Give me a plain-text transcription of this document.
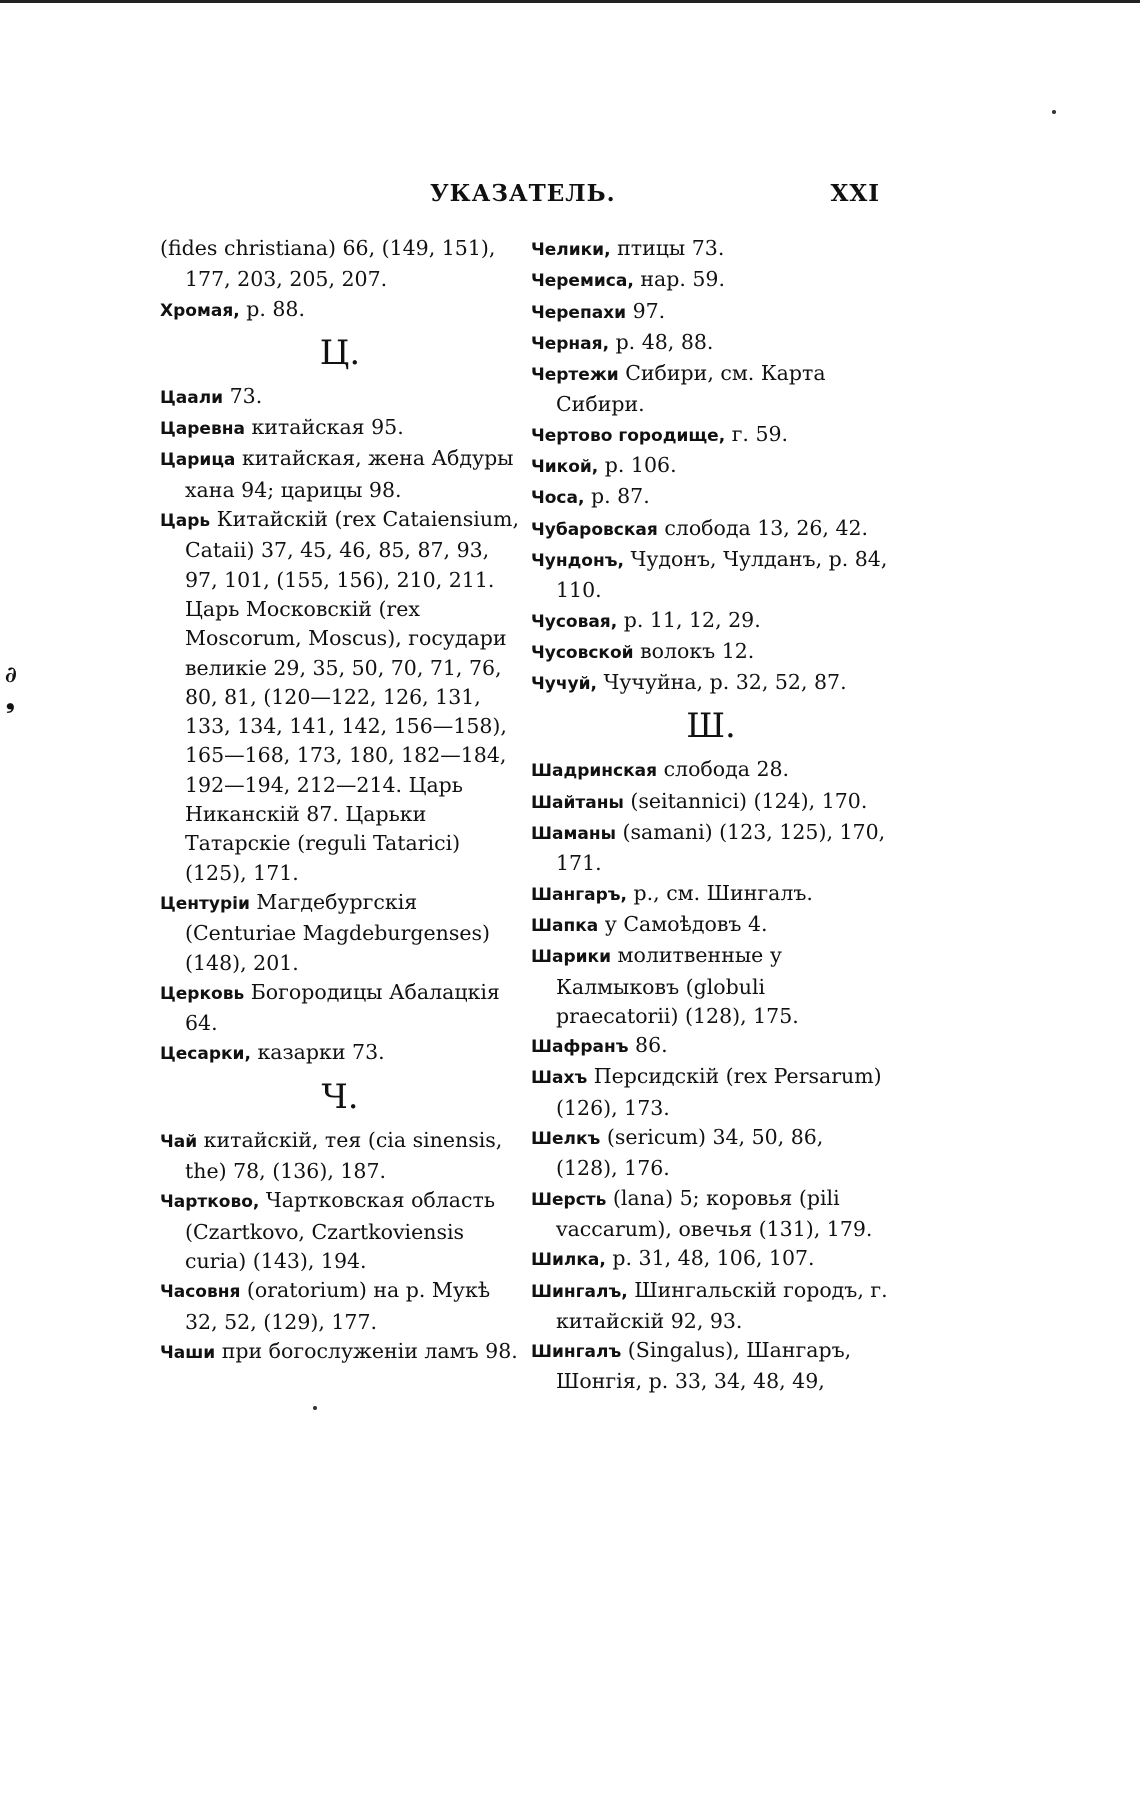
УКАЗАТЕЛЬ.	XXI

(fides christiana) 66, (149, 151), 177, 203, 205, 207.

Хромая, р. 88.

Ц.

Цаали 73.

Царевна китайская 95.

Царица китайская, жена Абдуры хана 94; царицы 98.

Царь Китайскій (rex Cataiensium, Cataii) 37, 45, 46, 85, 87, 93, 97, 101, (155, 156), 210, 211. Царь Московскій (rex Moscorum, Moscus), государи великіе 29, 35, 50, 70, 71, 76, 80, 81, (120—122, 126, 131, 133, 134, 141, 142, 156—158), 165—168, 173, 180, 182—184, 192—194, 212—214. Царь Никанскій 87. Царьки Татарскіе (reguli Tatarici) (125), 171.

Центуріи Магдебургскія (Centuriae Magdeburgenses) (148), 201.

Церковь Богородицы Абалацкія 64.

Цесарки, казарки 73.

Ч.

Чай китайскій, тея (cia sinensis, the) 78, (136), 187.

Чартково, Чартковская область (Czartkovo, Czartkoviensis curia) (143), 194.

Часовня (oratorium) на р. Мукѣ 32, 52, (129), 177.

Чаши при богослуженіи ламъ 98.

Челики, птицы 73.

Черемиса, нар. 59.

Черепахи 97.

Черная, р. 48, 88.

Чертежи Сибири, см. Карта Сибири.

Чертово городище, г. 59.

Чикой, р. 106.

Чоса, р. 87.

Чубаровская слобода 13, 26, 42.

Чундонъ, Чудонъ, Чулданъ, р. 84, 110.

Чусовая, р. 11, 12, 29.

Чусовской волокъ 12.

Чучуй, Чучуйна, р. 32, 52, 87.

Ш.

Шадринская слобода 28.

Шайтаны (seitannici) (124), 170.

Шаманы (samani) (123, 125), 170, 171.

Шангаръ, р., см. Шингалъ.

Шапка у Самоѣдовъ 4.

Шарики молитвенные у Калмыковъ (globuli praecatorii) (128), 175.

Шафранъ 86.

Шахъ Персидскій (rex Persarum) (126), 173.

Шелкъ (sericum) 34, 50, 86, (128), 176.

Шерсть (lana) 5; коровья (pili vaccarum), овечья (131), 179.

Шилка, р. 31, 48, 106, 107.

Шингалъ, Шингальскій городъ, г. китайскій 92, 93.

Шингалъ (Singalus), Шангаръ, Шонгія, р. 33, 34, 48, 49,

∂
❟
